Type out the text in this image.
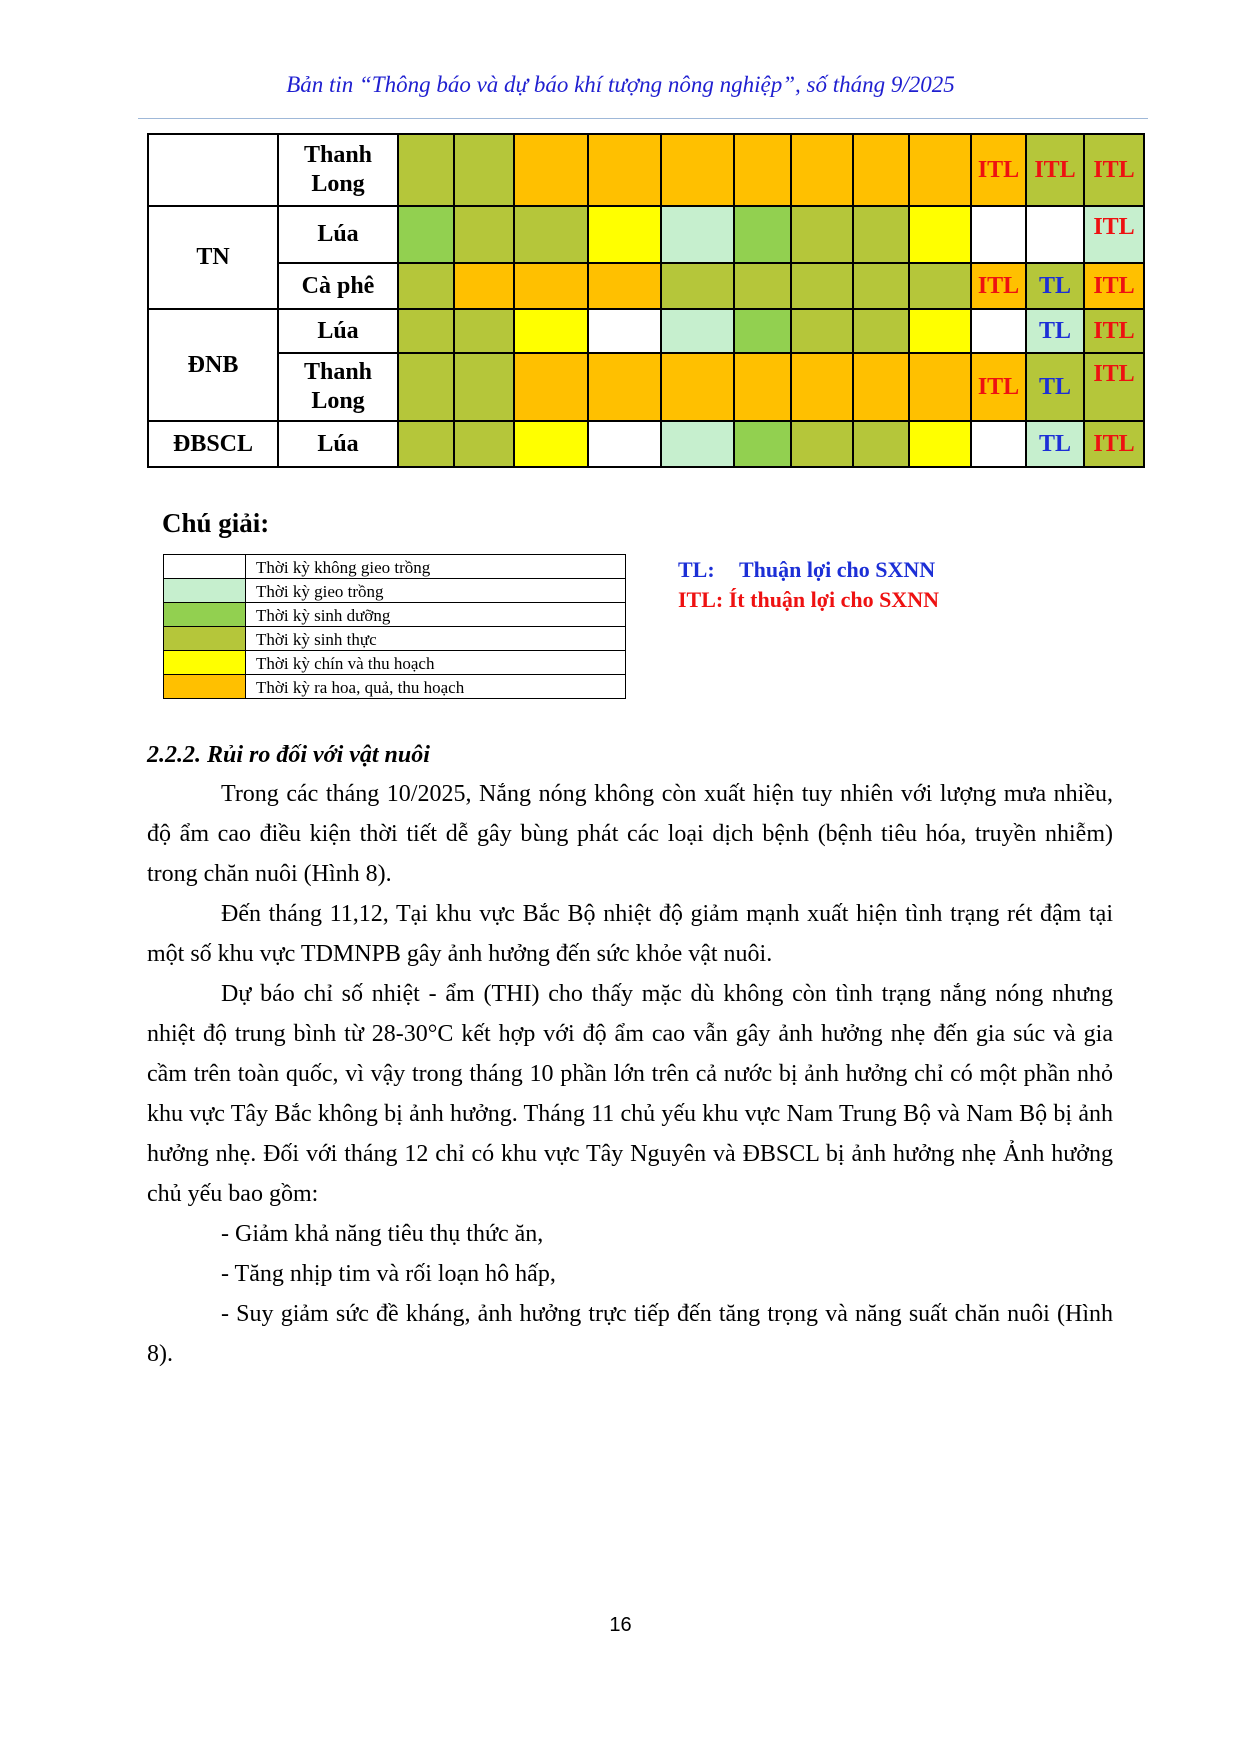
Bản tin “Thông báo và dự báo khí tượng nông nghiệp”, số tháng 9/2025
	Thanh Long										ITL	ITL	ITL
TN	Lúa												ITL
	Cà phê										ITL	TL	ITL
ĐNB	Lúa											TL	ITL
	Thanh Long										ITL	TL	ITL
ĐBSCL	Lúa											TL	ITL
Chú giải:
	Thời kỳ không gieo trồng
	Thời kỳ gieo trồng
	Thời kỳ sinh dưỡng
	Thời kỳ sinh thực
	Thời kỳ chín và thu hoạch
	Thời kỳ ra hoa, quả, thu hoạch
TL: Thuận lợi cho SXNN
ITL: Ít thuận lợi cho SXNN
2.2.2. Rủi ro đối với vật nuôi

Trong các tháng 10/2025, Nắng nóng không còn xuất hiện tuy nhiên với lượng mưa nhiều, độ ẩm cao điều kiện thời tiết dễ gây bùng phát các loại dịch bệnh (bệnh tiêu hóa, truyền nhiễm) trong chăn nuôi (Hình 8).

Đến tháng 11,12, Tại khu vực Bắc Bộ nhiệt độ giảm mạnh xuất hiện tình trạng rét đậm tại một số khu vực TDMNPB gây ảnh hưởng đến sức khỏe vật nuôi.

Dự báo chỉ số nhiệt - ẩm (THI) cho thấy mặc dù không còn tình trạng nắng nóng nhưng nhiệt độ trung bình từ 28-30°C kết hợp với độ ẩm cao vẫn gây ảnh hưởng nhẹ đến gia súc và gia cầm trên toàn quốc, vì vậy trong tháng 10 phần lớn trên cả nước bị ảnh hưởng chỉ có một phần nhỏ khu vực Tây Bắc không bị ảnh hưởng. Tháng 11 chủ yếu khu vực Nam Trung Bộ và Nam Bộ bị ảnh hưởng nhẹ. Đối với tháng 12 chỉ có khu vực Tây Nguyên và ĐBSCL bị ảnh hưởng nhẹ Ảnh hưởng chủ yếu bao gồm:

- Giảm khả năng tiêu thụ thức ăn,

- Tăng nhịp tim và rối loạn hô hấp,

- Suy giảm sức đề kháng, ảnh hưởng trực tiếp đến tăng trọng và năng suất chăn nuôi (Hình 8).

16
